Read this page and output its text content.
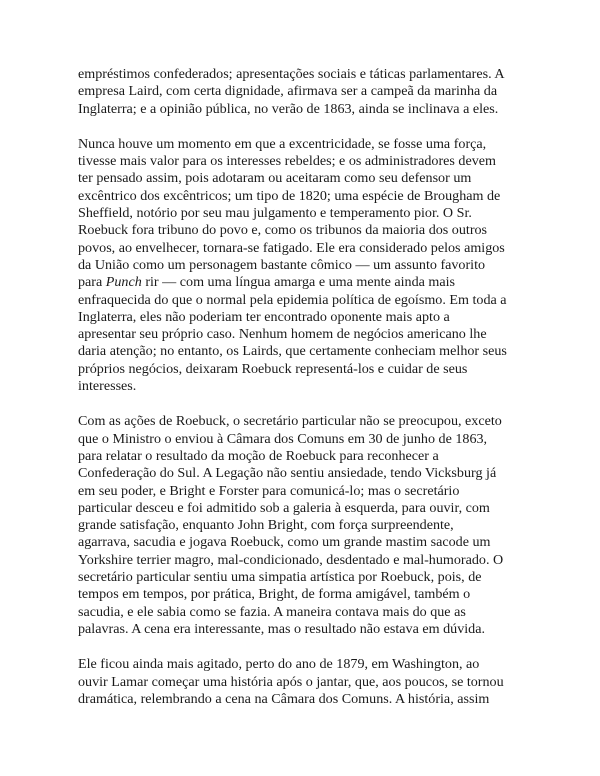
empréstimos confederados; apresentações sociais e táticas parlamentares. A
empresa Laird, com certa dignidade, afirmava ser a campeã da marinha da
Inglaterra; e a opinião pública, no verão de 1863, ainda se inclinava a eles.

Nunca houve um momento em que a excentricidade, se fosse uma força,
tivesse mais valor para os interesses rebeldes; e os administradores devem
ter pensado assim, pois adotaram ou aceitaram como seu defensor um
excêntrico dos excêntricos; um tipo de 1820; uma espécie de Brougham de
Sheffield, notório por seu mau julgamento e temperamento pior. O Sr.
Roebuck fora tribuno do povo e, como os tribunos da maioria dos outros
povos, ao envelhecer, tornara-se fatigado. Ele era considerado pelos amigos
da União como um personagem bastante cômico — um assunto favorito
para Punch rir — com uma língua amarga e uma mente ainda mais
enfraquecida do que o normal pela epidemia política de egoísmo. Em toda a
Inglaterra, eles não poderiam ter encontrado oponente mais apto a
apresentar seu próprio caso. Nenhum homem de negócios americano lhe
daria atenção; no entanto, os Lairds, que certamente conheciam melhor seus
próprios negócios, deixaram Roebuck representá-los e cuidar de seus
interesses.

Com as ações de Roebuck, o secretário particular não se preocupou, exceto
que o Ministro o enviou à Câmara dos Comuns em 30 de junho de 1863,
para relatar o resultado da moção de Roebuck para reconhecer a
Confederação do Sul. A Legação não sentiu ansiedade, tendo Vicksburg já
em seu poder, e Bright e Forster para comunicá-lo; mas o secretário
particular desceu e foi admitido sob a galeria à esquerda, para ouvir, com
grande satisfação, enquanto John Bright, com força surpreendente,
agarrava, sacudia e jogava Roebuck, como um grande mastim sacode um
Yorkshire terrier magro, mal-condicionado, desdentado e mal-humorado. O
secretário particular sentiu uma simpatia artística por Roebuck, pois, de
tempos em tempos, por prática, Bright, de forma amigável, também o
sacudia, e ele sabia como se fazia. A maneira contava mais do que as
palavras. A cena era interessante, mas o resultado não estava em dúvida.

Ele ficou ainda mais agitado, perto do ano de 1879, em Washington, ao
ouvir Lamar começar uma história após o jantar, que, aos poucos, se tornou
dramática, relembrando a cena na Câmara dos Comuns. A história, assim
